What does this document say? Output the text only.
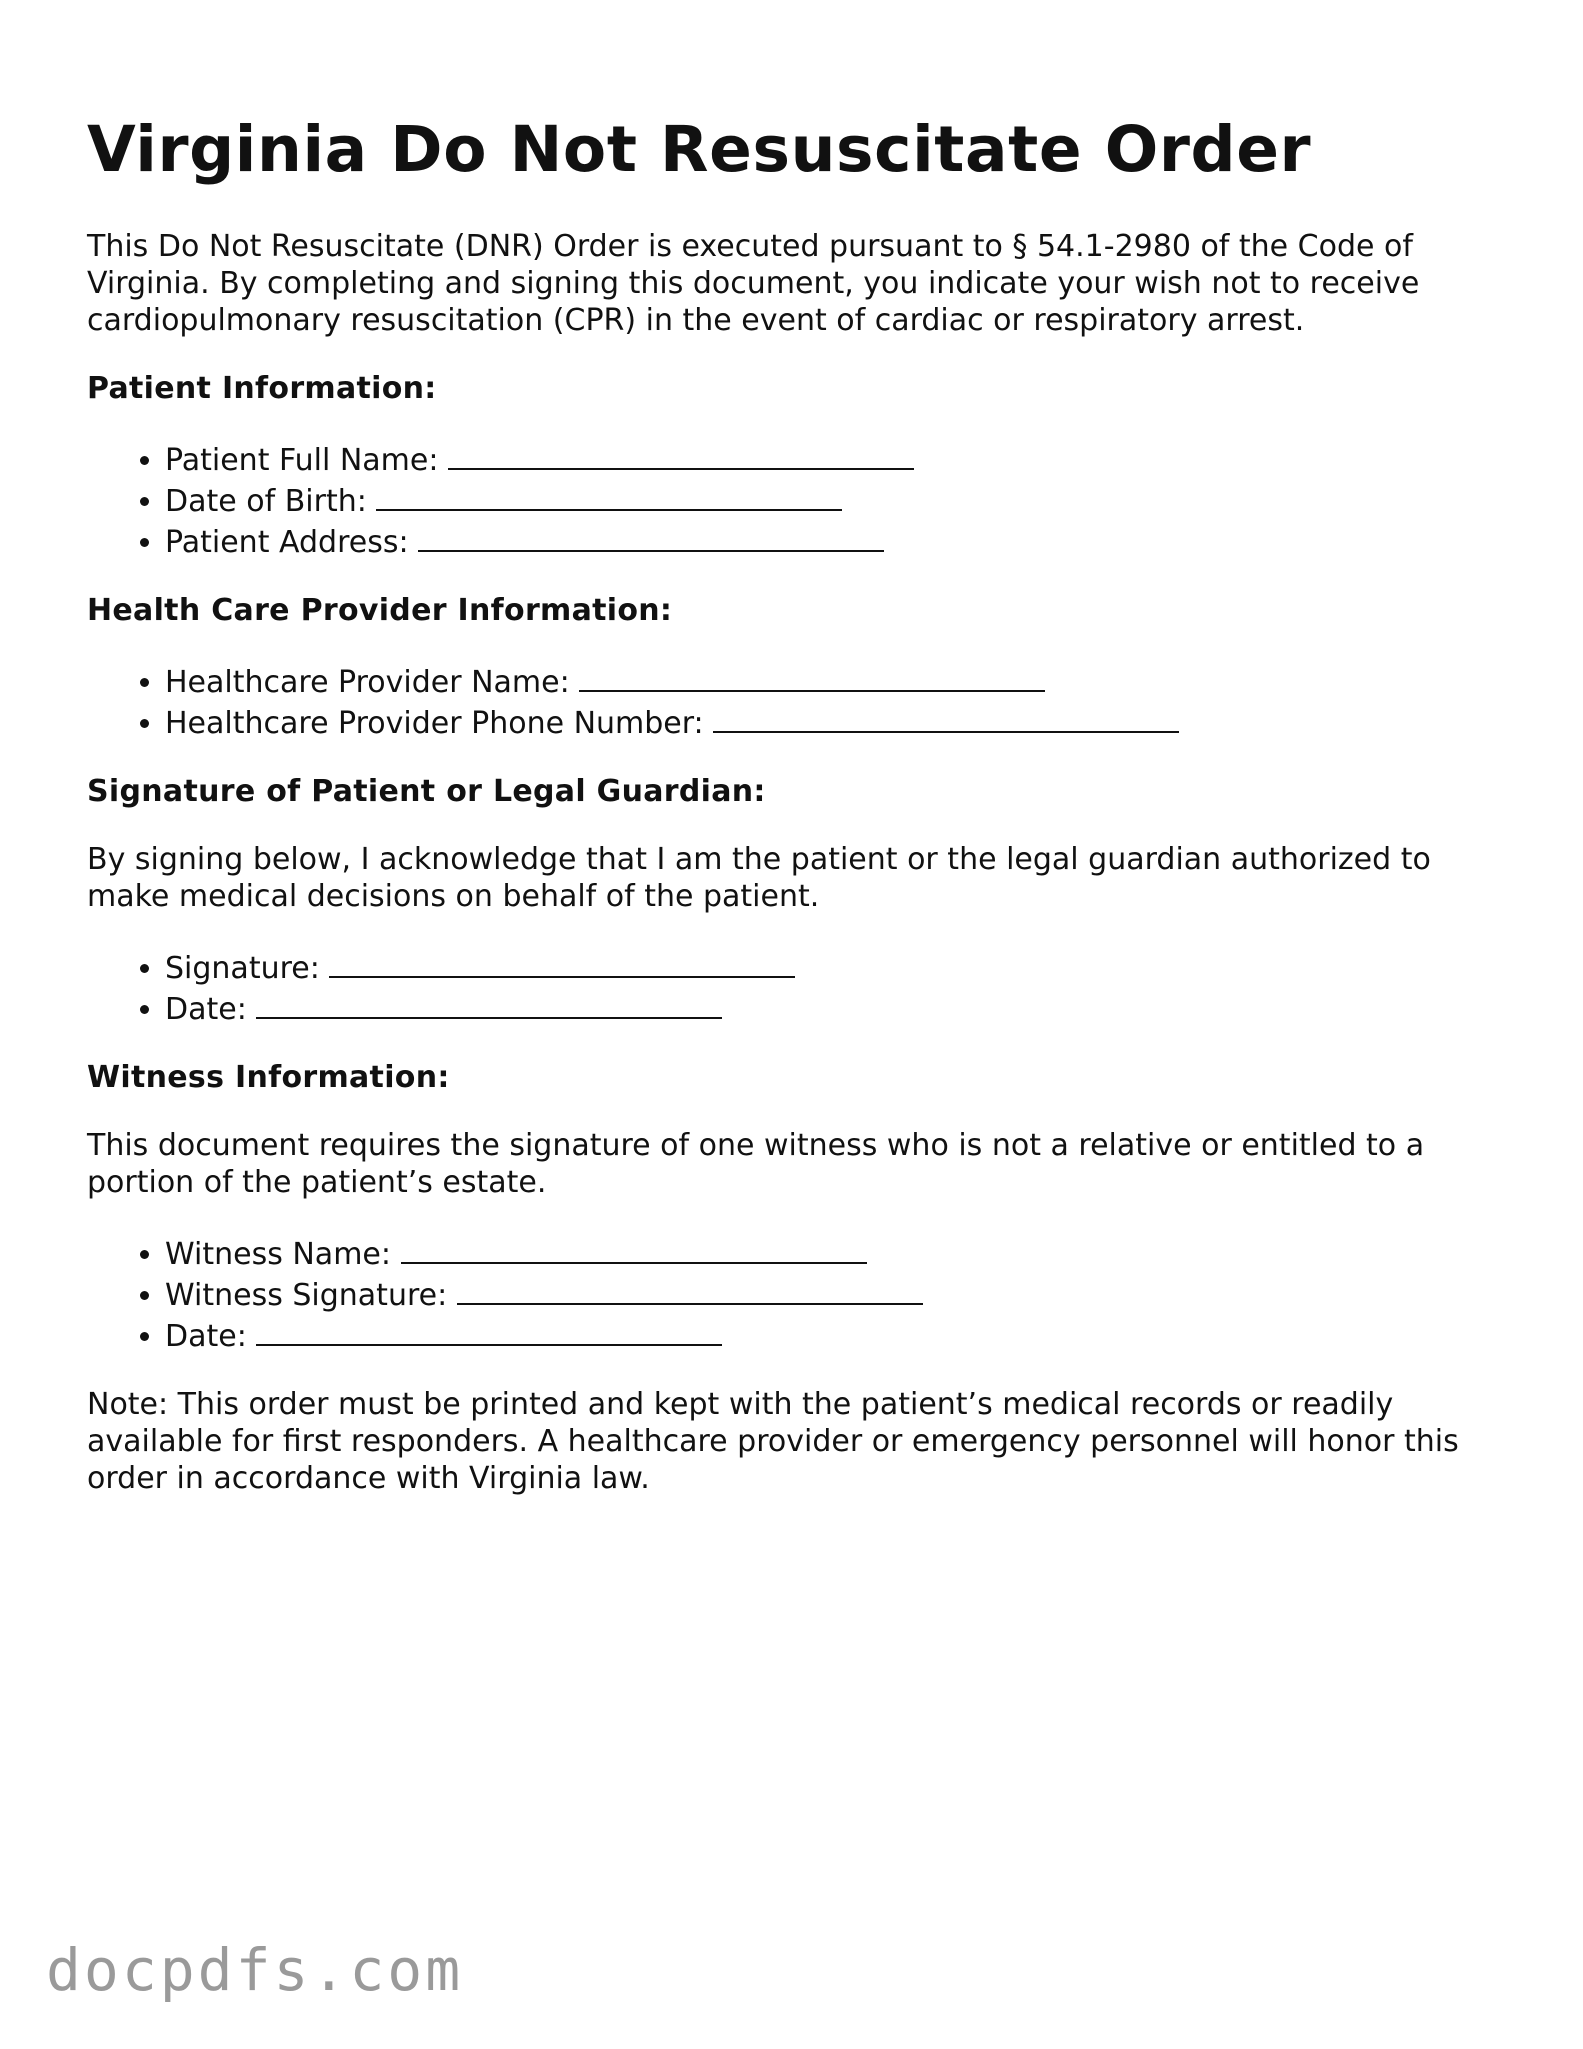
Virginia Do Not Resuscitate Order

This Do Not Resuscitate (DNR) Order is executed pursuant to § 54.1-2980 of the Code of Virginia. By completing and signing this document, you indicate your wish not to receive cardiopulmonary resuscitation (CPR) in the event of cardiac or respiratory arrest.

Patient Information:

• Patient Full Name:
• Date of Birth:
• Patient Address:

Health Care Provider Information:

• Healthcare Provider Name:
• Healthcare Provider Phone Number:

Signature of Patient or Legal Guardian:

By signing below, I acknowledge that I am the patient or the legal guardian authorized to make medical decisions on behalf of the patient.

• Signature:
• Date:

Witness Information:

This document requires the signature of one witness who is not a relative or entitled to a portion of the patient’s estate.

• Witness Name:
• Witness Signature:
• Date:

Note: This order must be printed and kept with the patient’s medical records or readily available for first responders. A healthcare provider or emergency personnel will honor this order in accordance with Virginia law.

docpdfs.com
